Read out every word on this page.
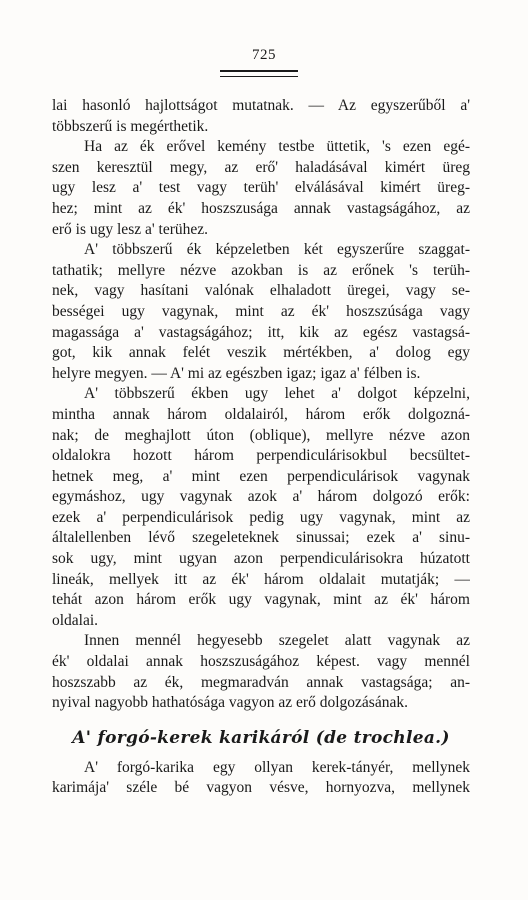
725
lai hasonló hajlottságot mutatnak. — Az egyszerűből a'
többszerű is megérthetik.
Ha az ék erővel kemény testbe üttetik, 's ezen egé-
szen keresztül megy, az erő' haladásával kimért üreg
ugy lesz a' test vagy terüh' elválásával kimért üreg-
hez; mint az ék' hoszszusága annak vastagságához, az
erő is ugy lesz a' terühez.
A' többszerű ék képzeletben két egyszerűre szaggat-
tathatik; mellyre nézve azokban is az erőnek 's terüh-
nek, vagy hasítani valónak elhaladott üregei, vagy se-
bességei ugy vagynak, mint az ék' hoszszúsága vagy
magassága a' vastagságához; itt, kik az egész vastagsá-
got, kik annak felét veszik mértékben, a' dolog egy
helyre megyen. — A' mi az egészben igaz; igaz a' félben is.
A' többszerű ékben ugy lehet a' dolgot képzelni,
mintha annak három oldalairól, három erők dolgozná-
nak; de meghajlott úton (oblique), mellyre nézve azon
oldalokra hozott három perpendiculárisokbul becsültet-
hetnek meg, a' mint ezen perpendiculárisok vagynak
egymáshoz, ugy vagynak azok a' három dolgozó erők:
ezek a' perpendiculárisok pedig ugy vagynak, mint az
általellenben lévő szegeleteknek sinussai; ezek a' sinu-
sok ugy, mint ugyan azon perpendiculárisokra húzatott
lineák, mellyek itt az ék' három oldalait mutatják; —
tehát azon három erők ugy vagynak, mint az ék' három
oldalai.
Innen mennél hegyesebb szegelet alatt vagynak az
ék' oldalai annak hoszszuságához képest. vagy mennél
hoszszabb az ék, megmaradván annak vastagsága; an-
nyival nagyobb hathatósága vagyon az erő dolgozásának.
A' forgó-kerek karikáról (de trochlea.)
A' forgó-karika egy ollyan kerek-tányér, mellynek
karimája' széle bé vagyon vésve, hornyozva, mellynek
